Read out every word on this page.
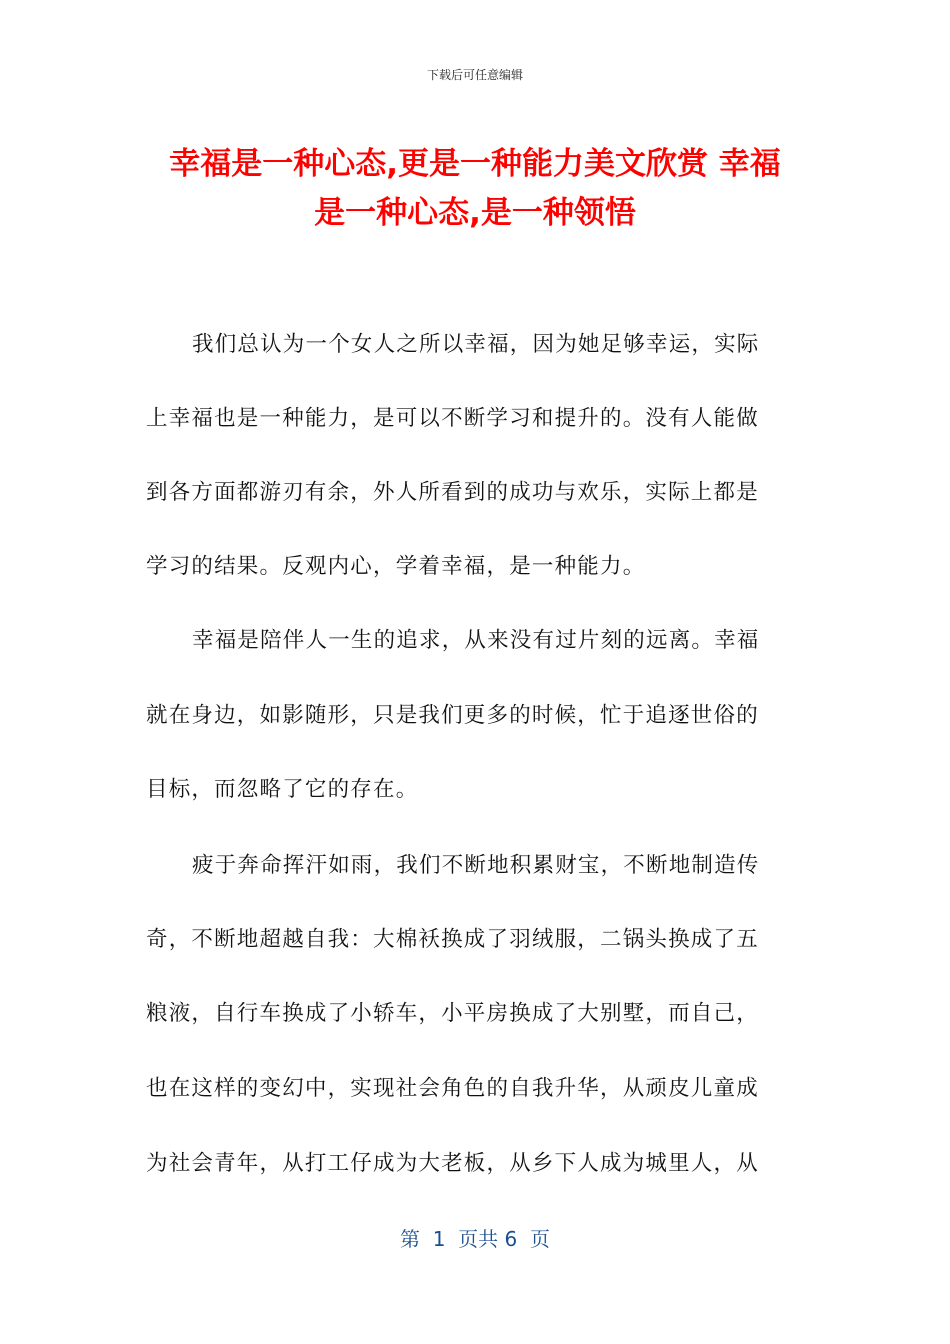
下载后可任意编辑
幸福是一种心态,更是一种能力美文欣赏 幸福
是一种心态,是一种领悟
我们总认为一个女人之所以幸福，因为她足够幸运，实际
上幸福也是一种能力，是可以不断学习和提升的。没有人能做
到各方面都游刃有余，外人所看到的成功与欢乐，实际上都是
学习的结果。反观内心，学着幸福，是一种能力。
幸福是陪伴人一生的追求，从来没有过片刻的远离。幸福
就在身边，如影随形，只是我们更多的时候，忙于追逐世俗的
目标，而忽略了它的存在。
疲于奔命挥汗如雨，我们不断地积累财宝，不断地制造传
奇，不断地超越自我：大棉袄换成了羽绒服，二锅头换成了五
粮液，自行车换成了小轿车，小平房换成了大别墅，而自己，
也在这样的变幻中，实现社会角色的自我升华，从顽皮儿童成
为社会青年，从打工仔成为大老板，从乡下人成为城里人，从
第  1  页共 6  页
